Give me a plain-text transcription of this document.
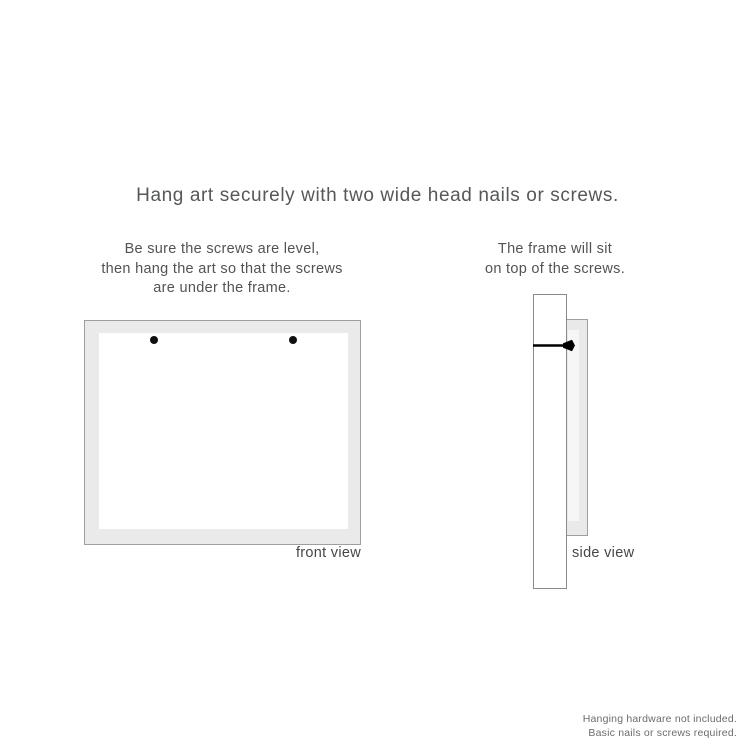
Hang art securely with two wide head nails or screws.
Be sure the screws are level,
then hang the art so that the screws
are under the frame.
The frame will sit
on top of the screws.
front view	side view
Hanging hardware not included.
Basic nails or screws required.
